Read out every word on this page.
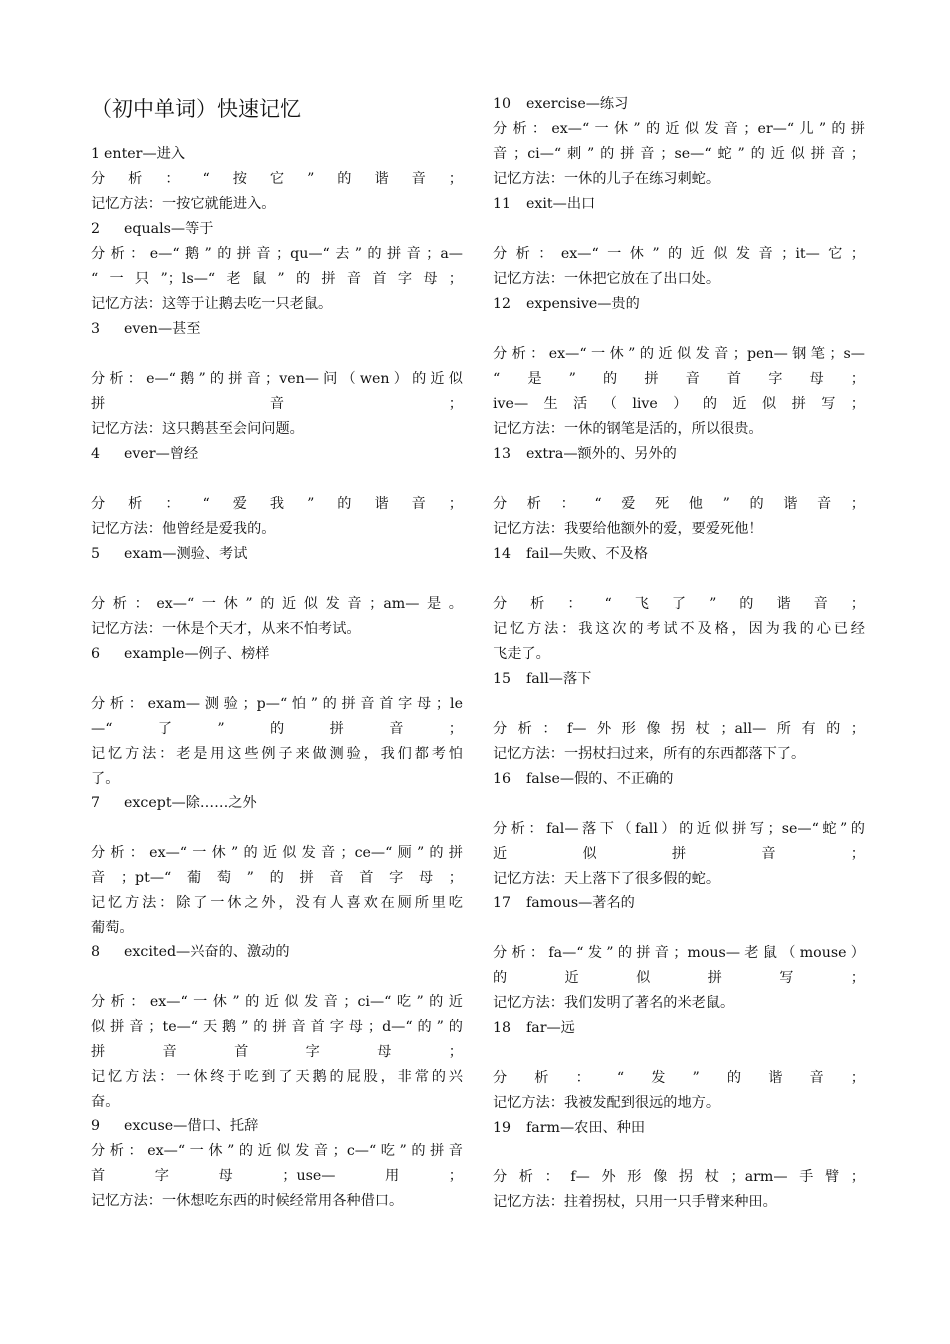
（初中单词）快速记忆
1 enter—进入
分析：“按它”的谐音；
记忆方法：一按它就能进入。
2 equals—等于
分析：e—“鹅”的拼音；qu—“去”的拼音；a—
“一只”；ls—“老鼠”的拼音首字母；
记忆方法：这等于让鹅去吃一只老鼠。
3 even—甚至
分析：e—“鹅”的拼音；ven—问（wen）的近似
拼音；
记忆方法：这只鹅甚至会问问题。
4 ever—曾经
分析：“爱我”的谐音；
记忆方法：他曾经是爱我的。
5 exam—测验、考试
分析：ex—“一休”的近似发音；am—是。
记忆方法：一休是个天才，从来不怕考试。
6 example—例子、榜样
分析：exam—测验；p—“怕”的拼音首字母；le
—“了”的拼音；
记忆方法：老是用这些例子来做测验，我们都考怕
了。
7 except—除……之外
分析：ex—“一休”的近似发音；ce—“厕”的拼
音；pt—“葡萄”的拼音首字母；
记忆方法：除了一休之外，没有人喜欢在厕所里吃
葡萄。
8 excited—兴奋的、激动的
分析：ex—“一休”的近似发音；ci—“吃”的近
似拼音；te—“天鹅”的拼音首字母；d—“的”的
拼音首字母；
记忆方法：一休终于吃到了天鹅的屁股，非常的兴
奋。
9 excuse—借口、托辞
分析：ex—“一休”的近似发音；c—“吃”的拼音
首字母；use—用；
记忆方法：一休想吃东西的时候经常用各种借口。
10 exercise—练习
分析：ex—“一休”的近似发音；er—“儿”的拼
音；ci—“刺”的拼音；se—“蛇”的近似拼音；
记忆方法：一休的儿子在练习刺蛇。
11 exit—出口
分析：ex—“一休”的近似发音；it—它；
记忆方法：一休把它放在了出口处。
12 expensive—贵的
分析：ex—“一休”的近似发音；pen—钢笔；s—
“是”的拼音首字母；
ive—生活（live）的近似拼写；
记忆方法：一休的钢笔是活的，所以很贵。
13 extra—额外的、另外的
分析：“爱死他”的谐音；
记忆方法：我要给他额外的爱，要爱死他！
14 fail—失败、不及格
分析：“飞了”的谐音；
记忆方法：我这次的考试不及格，因为我的心已经
飞走了。
15 fall—落下
分析：f—外形像拐杖；all—所有的；
记忆方法：一拐杖扫过来，所有的东西都落下了。
16 false—假的、不正确的
分析：fal—落下（fall）的近似拼写；se—“蛇”的
近似拼音；
记忆方法：天上落下了很多假的蛇。
17 famous—著名的
分析：fa—“发”的拼音；mous—老鼠（mouse）
的近似拼写；
记忆方法：我们发明了著名的米老鼠。
18 far—远
分析：“发”的谐音；
记忆方法：我被发配到很远的地方。
19 farm—农田、种田
分析：f—外形像拐杖；arm—手臂；
记忆方法：拄着拐杖，只用一只手臂来种田。
